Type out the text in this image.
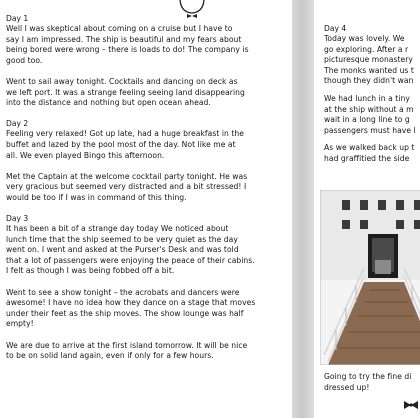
Day 1

Well I was skeptical about coming on a cruise but I have to

say I am impressed. The ship is beautiful and my fears about

being bored were wrong – there is loads to do! The company is

good too.

Went to sail away tonight. Cocktails and dancing on deck as

we left port. It was a strange feeling seeing land disappearing

into the distance and nothing but open ocean ahead.

Day 2

Feeling very relaxed! Got up late, had a huge breakfast in the

buffet and lazed by the pool most of the day. Not like me at

all. We even played Bingo this afternoon.

Met the Captain at the welcome cocktail party tonight. He was

very gracious but seemed very distracted and a bit stressed! I

would be too if I was in command of this thing.

Day 3

It has been a bit of a strange day today We noticed about

lunch time that the ship seemed to be very quiet as the day

went on. I went and asked at the Purser's Desk and was told

that a lot of passengers were enjoying the peace of their cabins.

I felt as though I was being fobbed off a bit.

Went to see a show tonight – the acrobats and dancers were

awesome! I have no idea how they dance on a stage that moves

under their feet as the ship moves. The show lounge was half

empty!

We are due to arrive at the first island tomorrow. It will be nice

to be on solid land again, even if only for a few hours.

Day 4

Today was lovely. We

go exploring. After a r

picturesque monastery

The monks wanted us t

though they didn't wan

We had lunch in a tiny

at the ship without a m

wait in a long line to g

passengers must have l

As we walked back up t

had graffitied the side

Going to try the fine di

dressed up!
